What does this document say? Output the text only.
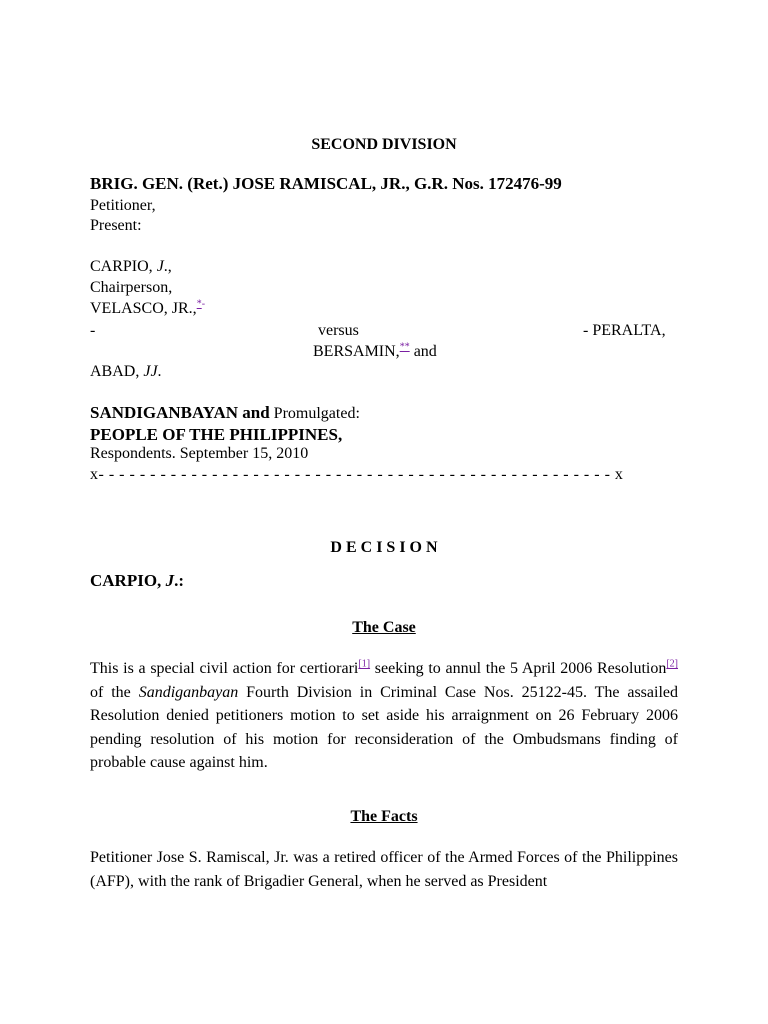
SECOND DIVISION
BRIG. GEN. (Ret.) JOSE RAMISCAL, JR., G.R. Nos. 172476-99
Petitioner,
Present:
CARPIO, J.,
Chairperson,
VELASCO, JR.,*-
-	versus	- PERALTA,
BERSAMIN,** and
ABAD, JJ.
SANDIGANBAYAN and Promulgated:
PEOPLE OF THE PHILIPPINES,
Respondents. September 15, 2010
x- - - - - - - - - - - - - - - - - - - - - - - - - - - - - - - - - - - - - - - - - - - - - - - - - - x
D E C I S I O N
CARPIO, J.:
The Case
This is a special civil action for certiorari[1] seeking to annul the 5 April 2006 Resolution[2] of the Sandiganbayan Fourth Division in Criminal Case Nos. 25122-45. The assailed Resolution denied petitioners motion to set aside his arraignment on 26 February 2006 pending resolution of his motion for reconsideration of the Ombudsmans finding of probable cause against him.
The Facts
Petitioner Jose S. Ramiscal, Jr. was a retired officer of the Armed Forces of the Philippines (AFP), with the rank of Brigadier General, when he served as President
